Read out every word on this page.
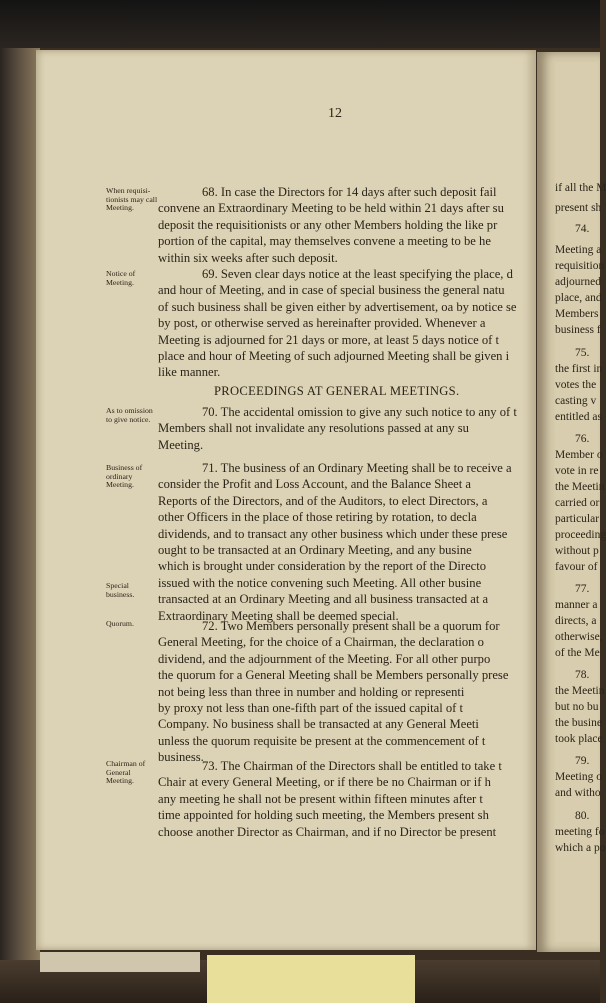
12
When requisi- tionists may call Meeting.
Notice of Meeting.
As to omission to give notice.
Business of ordinary Meeting.
Special business.
Quorum.
Chairman of General Meeting.
68. In case the Directors for 14 days after such deposit fail
convene an Extraordinary Meeting to be held within 21 days after su
deposit the requisitionists or any other Members holding the like pr
portion of the capital, may themselves convene a meeting to be he
within six weeks after such deposit.
69. Seven clear days notice at the least specifying the place, d
and hour of Meeting, and in case of special business the general natu
of such business shall be given either by advertisement, oa by notice se
by post, or otherwise served as hereinafter provided. Whenever a
Meeting is adjourned for 21 days or more, at least 5 days notice of t
place and hour of Meeting of such adjourned Meeting shall be given i
like manner.
70. The accidental omission to give any such notice to any of t
Members shall not invalidate any resolutions passed at any su
Meeting.
PROCEEDINGS AT GENERAL MEETINGS.
71. The business of an Ordinary Meeting shall be to receive a
consider the Profit and Loss Account, and the Balance Sheet a
Reports of the Directors, and of the Auditors, to elect Directors, a
other Officers in the place of those retiring by rotation, to decla
dividends, and to transact any other business which under these prese
ought to be transacted at an Ordinary Meeting, and any busine
which is brought under consideration by the report of the Directo
issued with the notice convening such Meeting. All other busine
transacted at an Ordinary Meeting and all business transacted at a
Extraordinary Meeting shall be deemed special.
72. Two Members personally present shall be a quorum for
General Meeting, for the choice of a Chairman, the declaration o
dividend, and the adjournment of the Meeting. For all other purpo
the quorum for a General Meeting shall be Members personally prese
not being less than three in number and holding or representi
by proxy not less than one-fifth part of the issued capital of t
Company. No business shall be transacted at any General Meeti
unless the quorum requisite be present at the commencement of t
business.
73. The Chairman of the Directors shall be entitled to take t
Chair at every General Meeting, or if there be no Chairman or if h
any meeting he shall not be present within fifteen minutes after t
time appointed for holding such meeting, the Members present sh
choose another Director as Chairman, and if no Director be present
if all the M
present sh
74.
Meeting a
requisition
adjourned
place, and
Members
business f
75.
the first in
votes the
casting v
entitled as
76.
Member o
vote in re
the Meetin
carried or
particular
proceeding
without p
favour of
77.
manner a
directs, a
otherwise,
of the Me
78.
the Meetin
but no bu
the busine
took place
79.
Meeting o
and witho
80.
meeting fo
which a po
